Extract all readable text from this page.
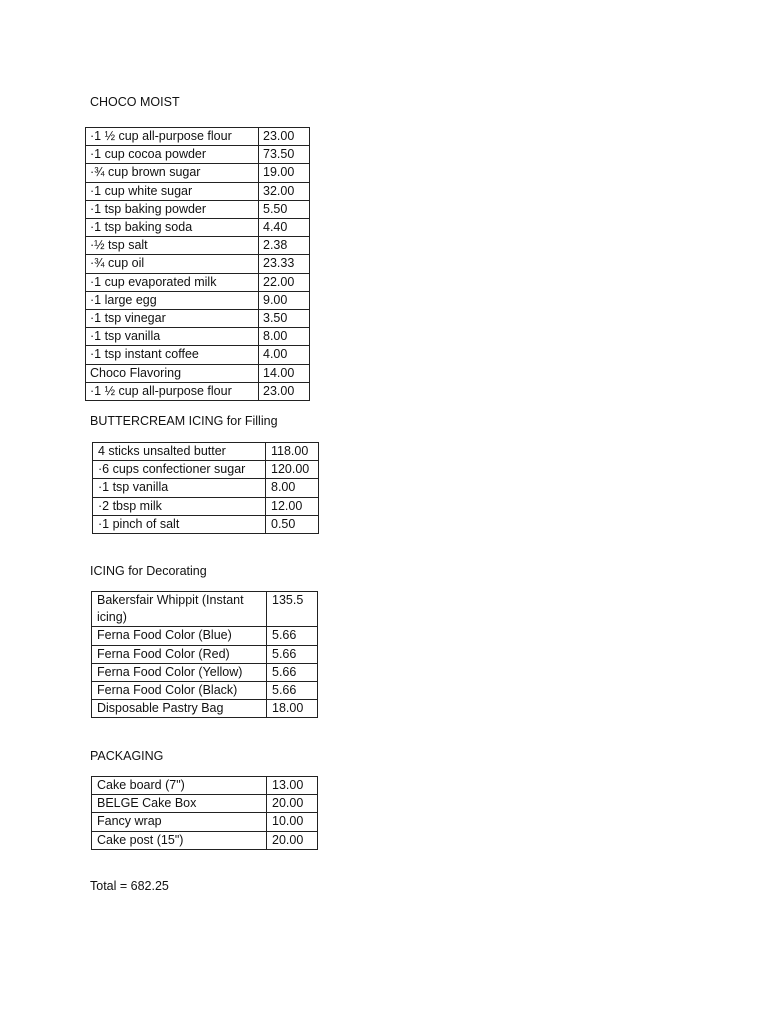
CHOCO MOIST
·1 ½ cup all-purpose flour	23.00
·1 cup cocoa powder	73.50
·¾ cup brown sugar	19.00
·1 cup white sugar	32.00
·1 tsp baking powder	5.50
·1 tsp baking soda	4.40
·½ tsp salt	2.38
·¾ cup oil	23.33
·1 cup evaporated milk	22.00
·1 large egg	9.00
·1 tsp vinegar	3.50
·1 tsp vanilla	8.00
·1 tsp instant coffee	4.00
Choco Flavoring	14.00
·1 ½ cup all-purpose flour	23.00
BUTTERCREAM ICING for Filling
4 sticks unsalted butter	118.00
·6 cups confectioner sugar	120.00
·1 tsp vanilla	8.00
·2 tbsp milk	12.00
·1 pinch of salt	0.50
ICING for Decorating
Bakersfair Whippit (Instant icing)	135.5
Ferna Food Color (Blue)	5.66
Ferna Food Color (Red)	5.66
Ferna Food Color (Yellow)	5.66
Ferna Food Color (Black)	5.66
Disposable Pastry Bag	18.00
PACKAGING
Cake board (7")	13.00
BELGE Cake Box	20.00
Fancy wrap	10.00
Cake post (15")	20.00

Total = 682.25
